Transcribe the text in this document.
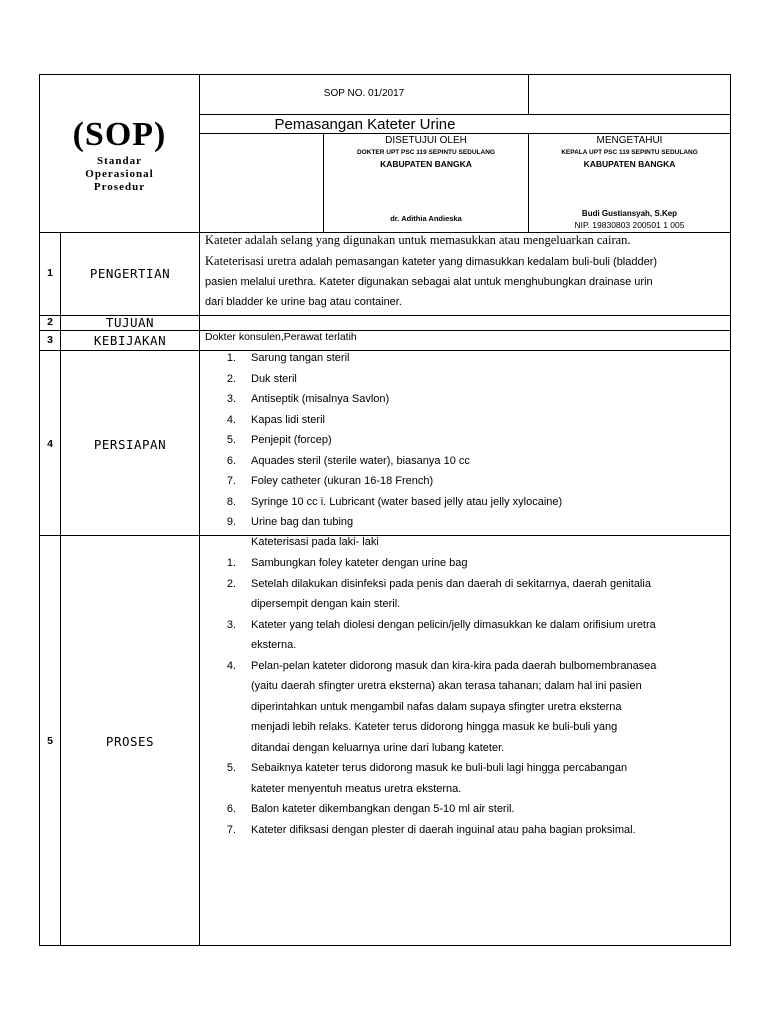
(SOP)
Standar
Operasional
Prosedur
SOP NO. 01/2017
Pemasangan Kateter Urine
DISETUJUI OLEH
DOKTER UPT PSC 119 SEPINTU SEDULANG
KABUPATEN BANGKA
dr. Adithia Andieska
MENGETAHUI
KEPALA UPT PSC 119 SEPINTU SEDULANG
KABUPATEN BANGKA
Budi Gustiansyah, S.Kep
NIP. 19830803 200501 1 005
1	PENGERTIAN
Kateter adalah selang yang digunakan untuk memasukkan atau mengeluarkan cairan.
Kateterisasi uretra adalah pemasangan kateter yang dimasukkan kedalam buli-buli (bladder)
pasien melalui urethra. Kateter digunakan sebagai alat untuk menghubungkan drainase urin
dari bladder ke urine bag atau container.
2	TUJUAN
3	KEBIJAKAN	Dokter konsulen,Perawat terlatih
4	PERSIAPAN
1. Sarung tangan steril
2. Duk steril
3. Antiseptik (misalnya Savlon)
4. Kapas lidi steril
5. Penjepit (forcep)
6. Aquades steril (sterile water), biasanya 10 cc
7. Foley catheter (ukuran 16-18 French)
8. Syringe 10 cc i. Lubricant (water based jelly atau jelly xylocaine)
9. Urine bag dan tubing
5	PROSES
Kateterisasi pada laki- laki
1. Sambungkan foley kateter dengan urine bag
2. Setelah dilakukan disinfeksi pada penis dan daerah di sekitarnya, daerah genitalia
dipersempit dengan kain steril.
3. Kateter yang telah diolesi dengan pelicin/jelly dimasukkan ke dalam orifisium uretra
eksterna.
4. Pelan-pelan kateter didorong masuk dan kira-kira pada daerah bulbomembranasea
(yaitu daerah sfingter uretra eksterna) akan terasa tahanan; dalam hal ini pasien
diperintahkan untuk mengambil nafas dalam supaya sfingter uretra eksterna
menjadi lebih relaks. Kateter terus didorong hingga masuk ke buli-buli yang
ditandai dengan keluarnya urine dari lubang kateter.
5. Sebaiknya kateter terus didorong masuk ke buli-buli lagi hingga percabangan
kateter menyentuh meatus uretra eksterna.
6. Balon kateter dikembangkan dengan 5-10 ml air steril.
7. Kateter difiksasi dengan plester di daerah inguinal atau paha bagian proksimal.
